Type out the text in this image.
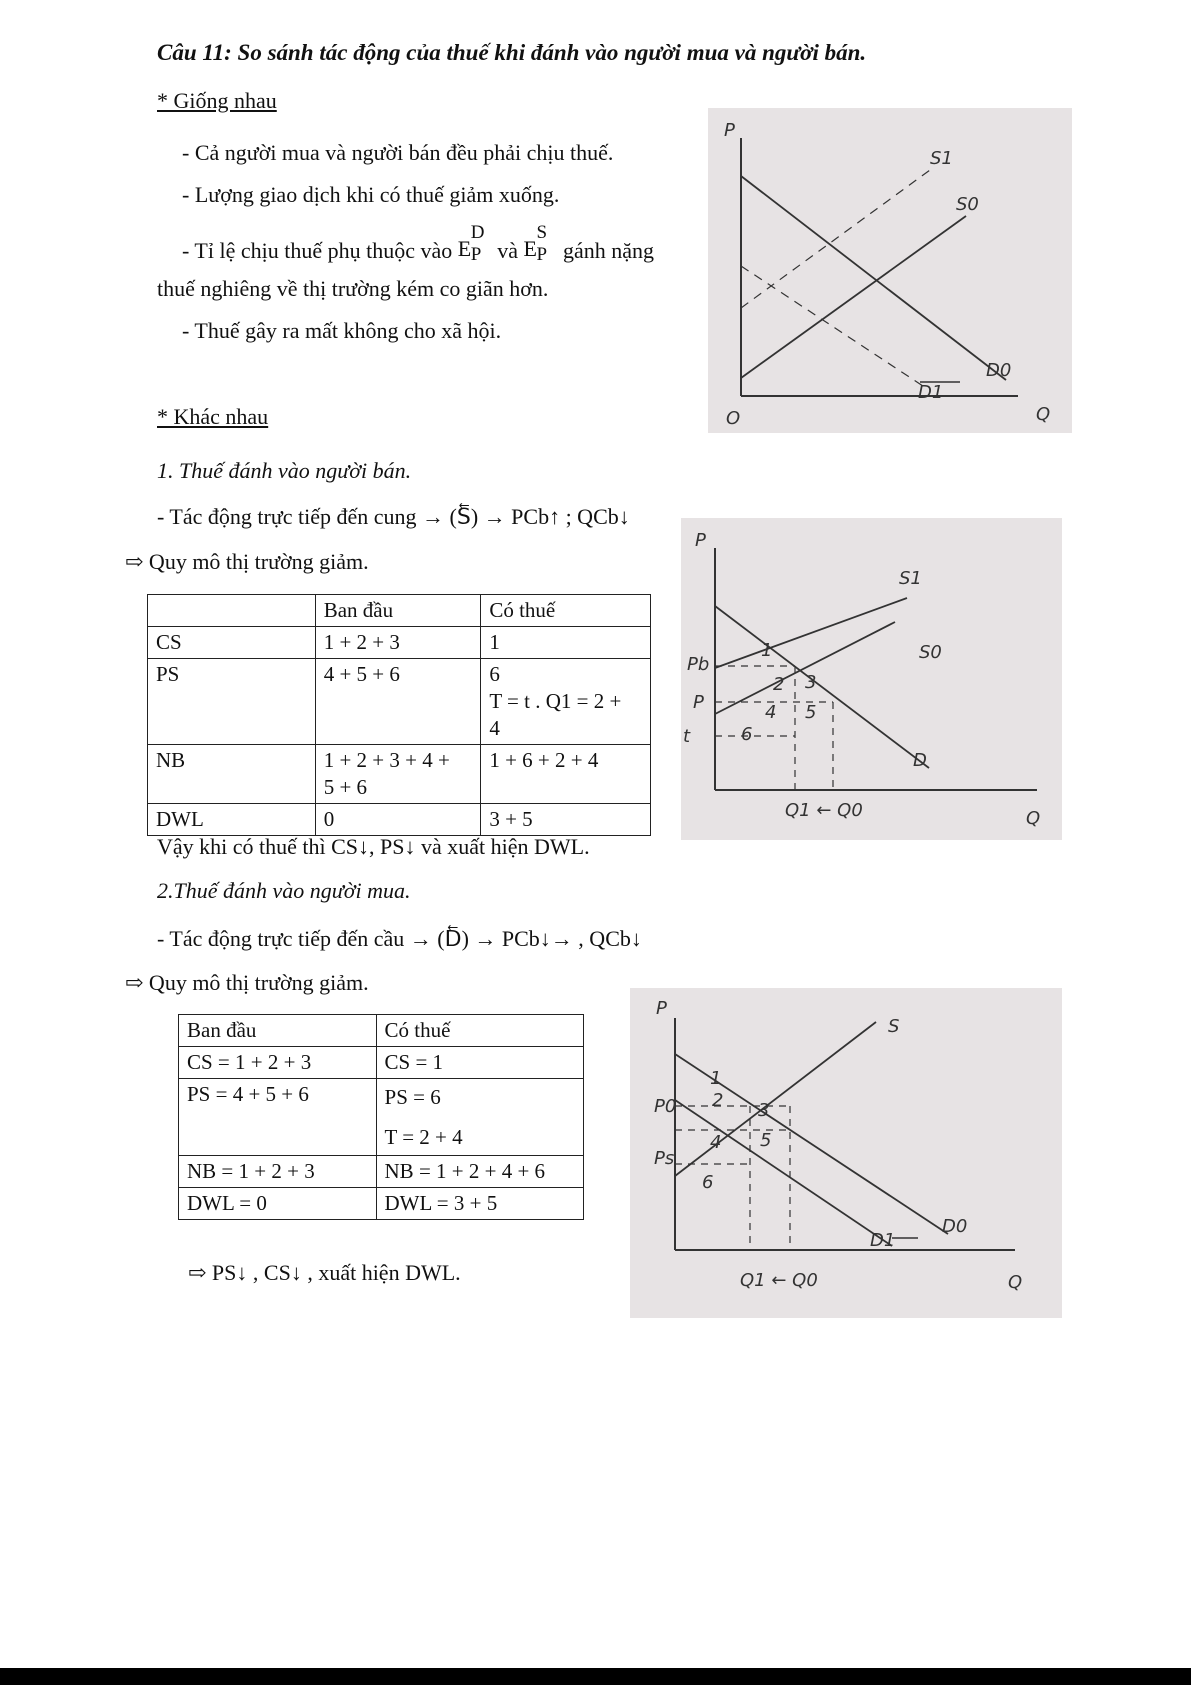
Câu 11: So sánh tác động của thuế khi đánh vào người mua và người bán.
* Giống nhau
- Cả người mua và người bán đều phải chịu thuế.
- Lượng giao dịch khi có thuế giảm xuống.
- Tỉ lệ chịu thuế phụ thuộc vào E
D
P và E
S
P gánh nặng
thuế nghiêng về thị trường kém co giãn hơn.
- Thuế gây ra mất không cho xã hội.
* Khác nhau
P
O	Q
S1
S0
D0
D1
1. Thuế đánh vào người bán.
- Tác động trực tiếp đến cung → (S⃖) → PCb↑ ; QCb↓
⇨ Quy mô thị trường giảm.
	Ban đầu	Có thuế
CS	1 + 2 + 3	1
PS	4 + 5 + 6	6
T = t . Q1 = 2 +
4
NB	1 + 2 + 3 + 4 +
5 + 6	1 + 6 + 2 + 4
DWL	0	3 + 5
Vậy khi có thuế thì CS↓, PS↓ và xuất hiện DWL.
P
Q
S1
S0
D
Pb
P
t
1
2 3
4 5
6
Q1 ← Q0
2.Thuế đánh vào người mua.
- Tác động trực tiếp đến cầu → (D⃖) → PCb↓→ , QCb↓
⇨ Quy mô thị trường giảm.
Ban đầu	Có thuế
CS = 1 + 2 + 3	CS = 1
PS = 4 + 5 + 6	PS = 6

T = 2 + 4
NB = 1 + 2 + 3	NB = 1 + 2 + 4 + 6
DWL = 0	DWL = 3 + 5
⇨ PS↓ , CS↓ , xuất hiện DWL.
P
Q
S
D0
D1
P0
Ps
1
2 3
4 5
6
Q1 ← Q0
